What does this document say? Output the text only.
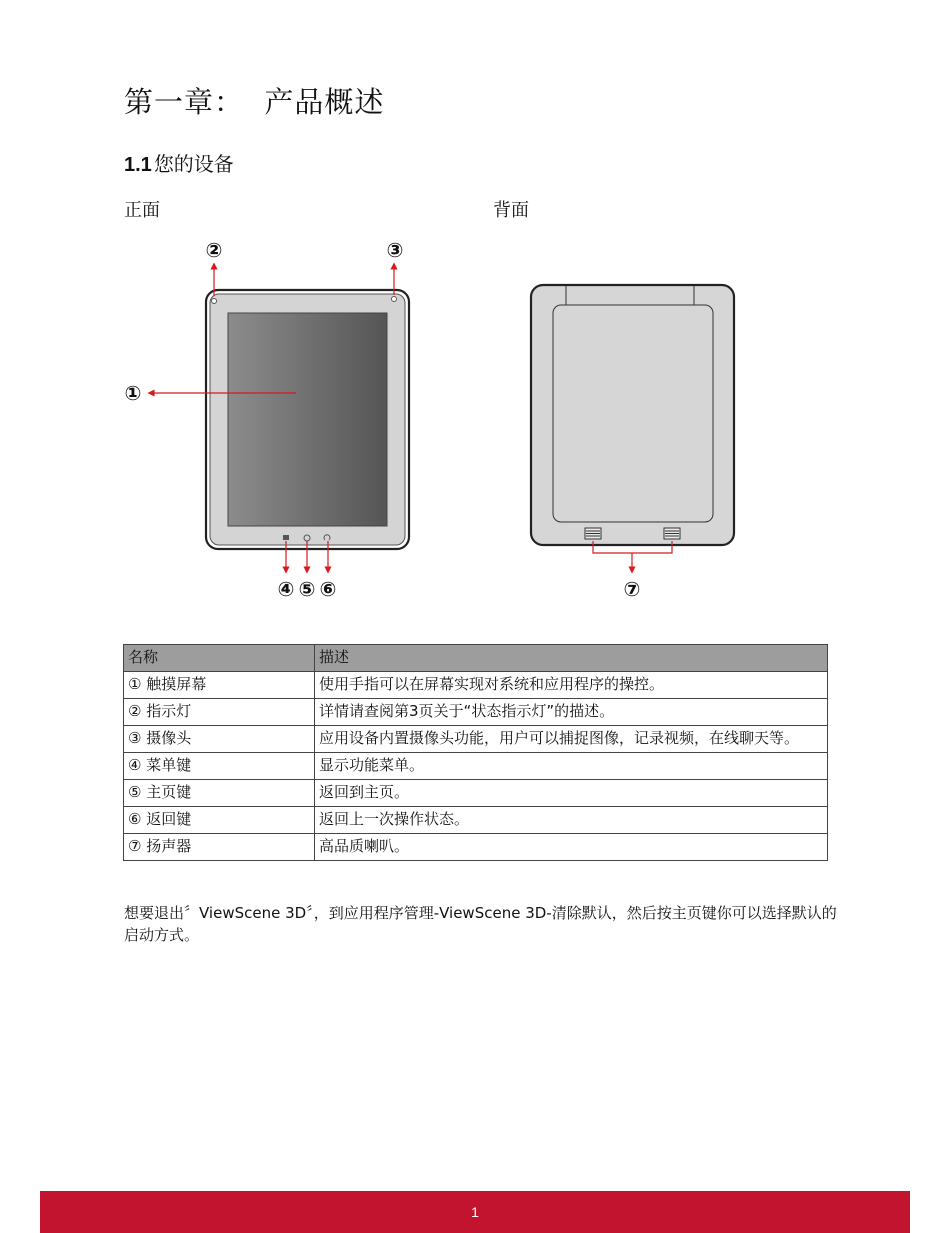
第一章：  产品概述
1.1 您的设备
正面	背面
①
②	③
④ ⑤ ⑥	⑦
名称	描述
① 触摸屏幕	使用手指可以在屏幕实现对系统和应用程序的操控。
② 指示灯	详情请查阅第3页关于“状态指示灯”的描述。
③ 摄像头	应用设备内置摄像头功能，用户可以捕捉图像，记录视频，在线聊天等。
④ 菜单键	显示功能菜单。
⑤ 主页键	返回到主页。
⑥ 返回键	返回上一次操作状态。
⑦ 扬声器	高品质喇叭。
想要退出〞ViewScene 3D〞，到应用程序管理-ViewScene 3D-清除默认，然后按主页键你可以选择默认的启动方式。
1
